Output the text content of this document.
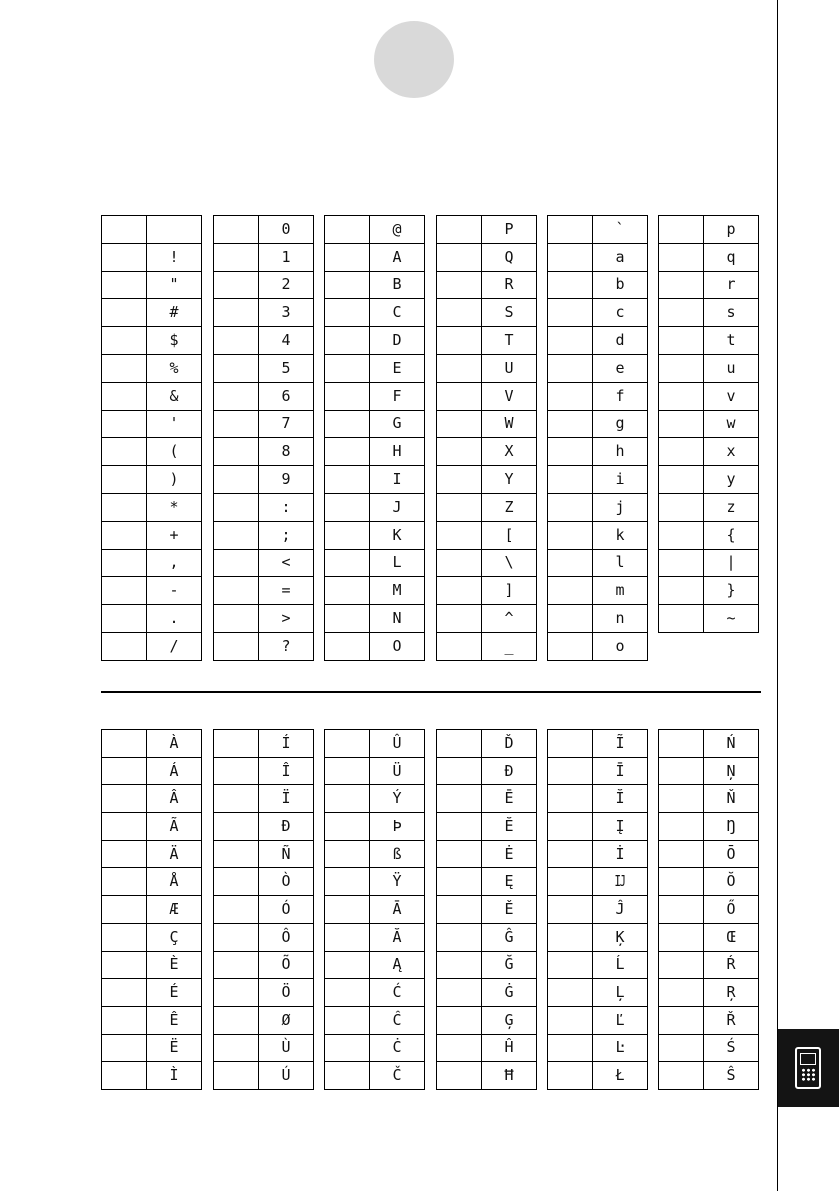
	!
	"
	#
	$
	%
	&
	'
	(
	)
	*
	+
	,
	-
	.
	/
	0
	1
	2
	3
	4
	5
	6
	7
	8
	9
	:
	;
	<
	=
	>
	?
	@
	A
	B
	C
	D
	E
	F
	G
	H
	I
	J
	K
	L
	M
	N
	O
	P
	Q
	R
	S
	T
	U
	V
	W
	X
	Y
	Z
	[
	\
	]
	^
	_
	`
	a
	b
	c
	d
	e
	f
	g
	h
	i
	j
	k
	l
	m
	n
	o
	p
	q
	r
	s
	t
	u
	v
	w
	x
	y
	z
	{
	|
	}
	~
	À
	Á
	Â
	Ã
	Ä
	Å
	Æ
	Ç
	È
	É
	Ê
	Ë
	Ì
	Í
	Î
	Ï
	Ð
	Ñ
	Ò
	Ó
	Ô
	Õ
	Ö
	Ø
	Ù
	Ú
	Û
	Ü
	Ý
	Þ
	ß
	Ÿ
	Ā
	Ă
	Ą
	Ć
	Ĉ
	Ċ
	Č
	Ď
	Đ
	Ē
	Ĕ
	Ė
	Ę
	Ě
	Ĝ
	Ğ
	Ġ
	Ģ
	Ĥ
	Ħ
	Ĩ
	Ī
	Ĭ
	Į
	İ
	Ĳ
	Ĵ
	Ķ
	Ĺ
	Ļ
	Ľ
	Ŀ
	Ł
	Ń
	Ņ
	Ň
	Ŋ
	Ō
	Ŏ
	Ő
	Œ
	Ŕ
	Ŗ
	Ř
	Ś
	Ŝ
